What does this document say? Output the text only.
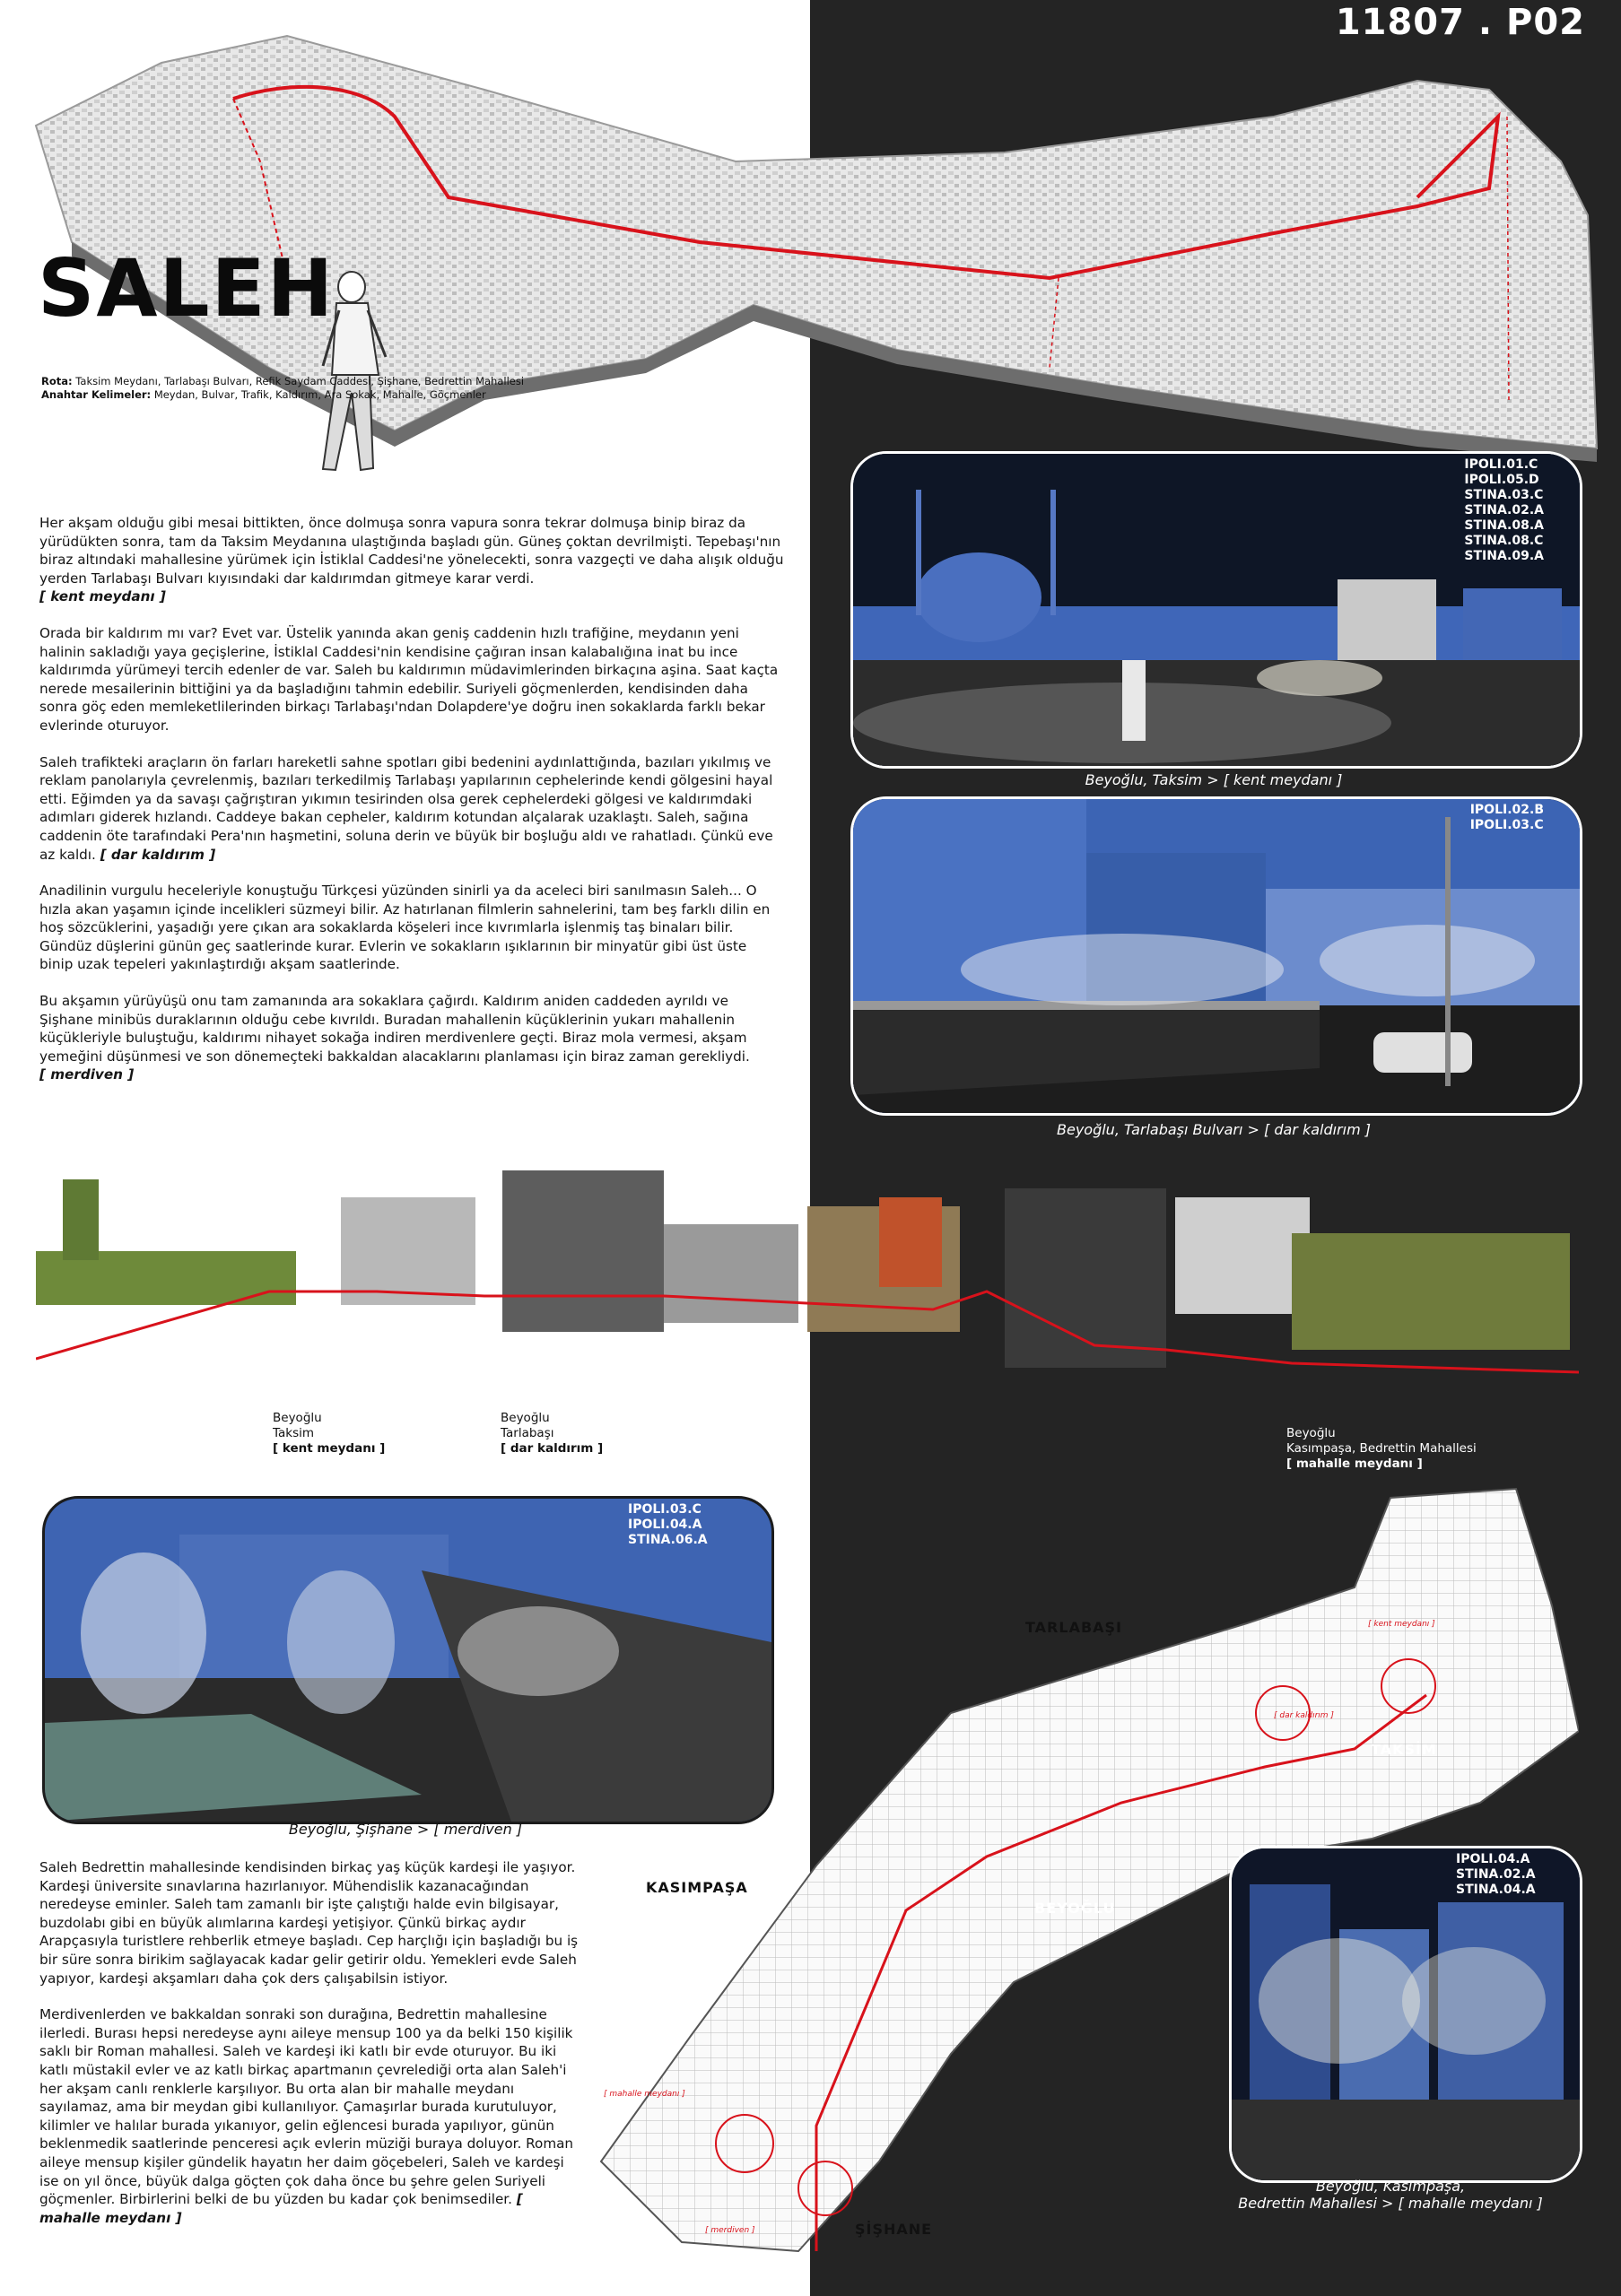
11807 . P02
SALEH
Rota: Taksim Meydanı, Tarlabaşı Bulvarı, Refik Saydam Caddesi, Şişhane, Bedrettin Mahallesi
Anahtar Kelimeler: Meydan, Bulvar, Trafik, Kaldırım, Ara Sokak, Mahalle, Göçmenler

Her akşam olduğu gibi mesai bittikten, önce dolmuşa sonra vapura sonra tekrar dolmuşa binip biraz da yürüdükten sonra, tam da Taksim Meydanına ulaştığında başladı gün. Güneş çoktan devrilmişti. Tepebaşı'nın biraz altındaki mahallesine yürümek için İstiklal Caddesi'ne yönelecekti, sonra vazgeçti ve daha alışık olduğu yerden Tarlabaşı Bulvarı kıyısındaki dar kaldırımdan gitmeye karar verdi.
[ kent meydanı ]

Orada bir kaldırım mı var? Evet var. Üstelik yanında akan geniş caddenin hızlı trafiğine, meydanın yeni halinin sakladığı yaya geçişlerine, İstiklal Caddesi'nin kendisine çağıran insan kalabalığına inat bu ince kaldırımda yürümeyi tercih edenler de var. Saleh bu kaldırımın müdavimlerinden birkaçına aşina. Saat kaçta nerede mesailerinin bittiğini ya da başladığını tahmin edebilir. Suriyeli göçmenlerden, kendisinden daha sonra göç eden memleketlilerinden birkaçı Tarlabaşı'ndan Dolapdere'ye doğru inen sokaklarda farklı bekar evlerinde oturuyor.

Saleh trafikteki araçların ön farları hareketli sahne spotları gibi bedenini aydınlattığında, bazıları yıkılmış ve reklam panolarıyla çevrelenmiş, bazıları terkedilmiş Tarlabaşı yapılarının cephelerinde kendi gölgesini hayal etti. Eğimden ya da savaşı çağrıştıran yıkımın tesirinden olsa gerek cephelerdeki gölgesi ve kaldırımdaki adımları giderek hızlandı. Caddeye bakan cepheler, kaldırım kotundan alçalarak uzaklaştı. Saleh, sağına caddenin öte tarafındaki Pera'nın haşmetini, soluna derin ve büyük bir boşluğu aldı ve rahatladı. Çünkü eve az kaldı. [ dar kaldırım ]

Anadilinin vurgulu heceleriyle konuştuğu Türkçesi yüzünden sinirli ya da aceleci biri sanılmasın Saleh... O hızla akan yaşamın içinde incelikleri süzmeyi bilir. Az hatırlanan filmlerin sahnelerini, tam beş farklı dilin en hoş sözcüklerini, yaşadığı yere çıkan ara sokaklarda köşeleri ince kıvrımlarla işlenmiş taş binaları bilir. Gündüz düşlerini günün geç saatlerinde kurar. Evlerin ve sokakların ışıklarının bir minyatür gibi üst üste binip uzak tepeleri yakınlaştırdığı akşam saatlerinde.

Bu akşamın yürüyüşü onu tam zamanında ara sokaklara çağırdı. Kaldırım aniden caddeden ayrıldı ve Şişhane minibüs duraklarının olduğu cebe kıvrıldı. Buradan mahallenin küçüklerinin yukarı mahallenin küçükleriyle buluştuğu, kaldırımı nihayet sokağa indiren merdivenlere geçti. Biraz mola vermesi, akşam yemeğini düşünmesi ve son dönemeçteki bakkaldan alacaklarını planlaması için biraz zaman gerekliydi.
[ merdiven ]

IPOLI.01.C
IPOLI.05.D
STINA.03.C
STINA.02.A
STINA.08.A
STINA.08.C
STINA.09.A
Beyoğlu, Taksim > [ kent meydanı ]
IPOLI.02.B
IPOLI.03.C
Beyoğlu, Tarlabaşı Bulvarı > [ dar kaldırım ]
Beyoğlu
Taksim
[ kent meydanı ]
Beyoğlu
Tarlabaşı
[ dar kaldırım ]
Beyoğlu
Şişhane
[ merdiven ]
Beyoğlu
Kasımpaşa, Bedrettin Mahallesi
[ mahalle meydanı ]
IPOLI.03.C
IPOLI.04.A
STINA.06.A
Beyoğlu, Şişhane > [ merdiven ]

Saleh Bedrettin mahallesinde kendisinden birkaç yaş küçük kardeşi ile yaşıyor. Kardeşi üniversite sınavlarına hazırlanıyor. Mühendislik kazanacağından neredeyse eminler. Saleh tam zamanlı bir işte çalıştığı halde evin bilgisayar, buzdolabı gibi en büyük alımlarına kardeşi yetişiyor. Çünkü birkaç aydır Arapçasıyla turistlere rehberlik etmeye başladı. Cep harçlığı için başladığı bu iş bir süre sonra birikim sağlayacak kadar gelir getirir oldu. Yemekleri evde Saleh yapıyor, kardeşi akşamları daha çok ders çalışabilsin istiyor.

Merdivenlerden ve bakkaldan sonraki son durağına, Bedrettin mahallesine ilerledi. Burası hepsi neredeyse aynı aileye mensup 100 ya da belki 150 kişilik saklı bir Roman mahallesi. Saleh ve kardeşi iki katlı bir evde oturuyor. Bu iki katlı müstakil evler ve az katlı birkaç apartmanın çevrelediği orta alan Saleh'i her akşam canlı renklerle karşılıyor. Bu orta alan bir mahalle meydanı sayılamaz, ama bir meydan gibi kullanılıyor. Çamaşırlar burada kurutuluyor, kilimler ve halılar burada yıkanıyor, gelin eğlencesi burada yapılıyor, günün beklenmedik saatlerinde penceresi açık evlerin müziği buraya doluyor. Roman aileye mensup kişiler gündelik hayatın her daim göçebeleri, Saleh ve kardeşi ise on yıl önce, büyük dalga göçten çok daha önce bu şehre gelen Suriyeli göçmenler. Birbirlerini belki de bu yüzden bu kadar çok benimsediler. [ mahalle meydanı ]

TARLABAŞI
TAKSİM
KASIMPAŞA
BEYOĞLU
ŞİŞHANE
[ kent meydanı ]
[ dar kaldırım ]
[ mahalle meydanı ]
[ merdiven ]
IPOLI.04.A
STINA.02.A
STINA.04.A
Beyoğlu, Kasımpaşa,
Bedrettin Mahallesi > [ mahalle meydanı ]
